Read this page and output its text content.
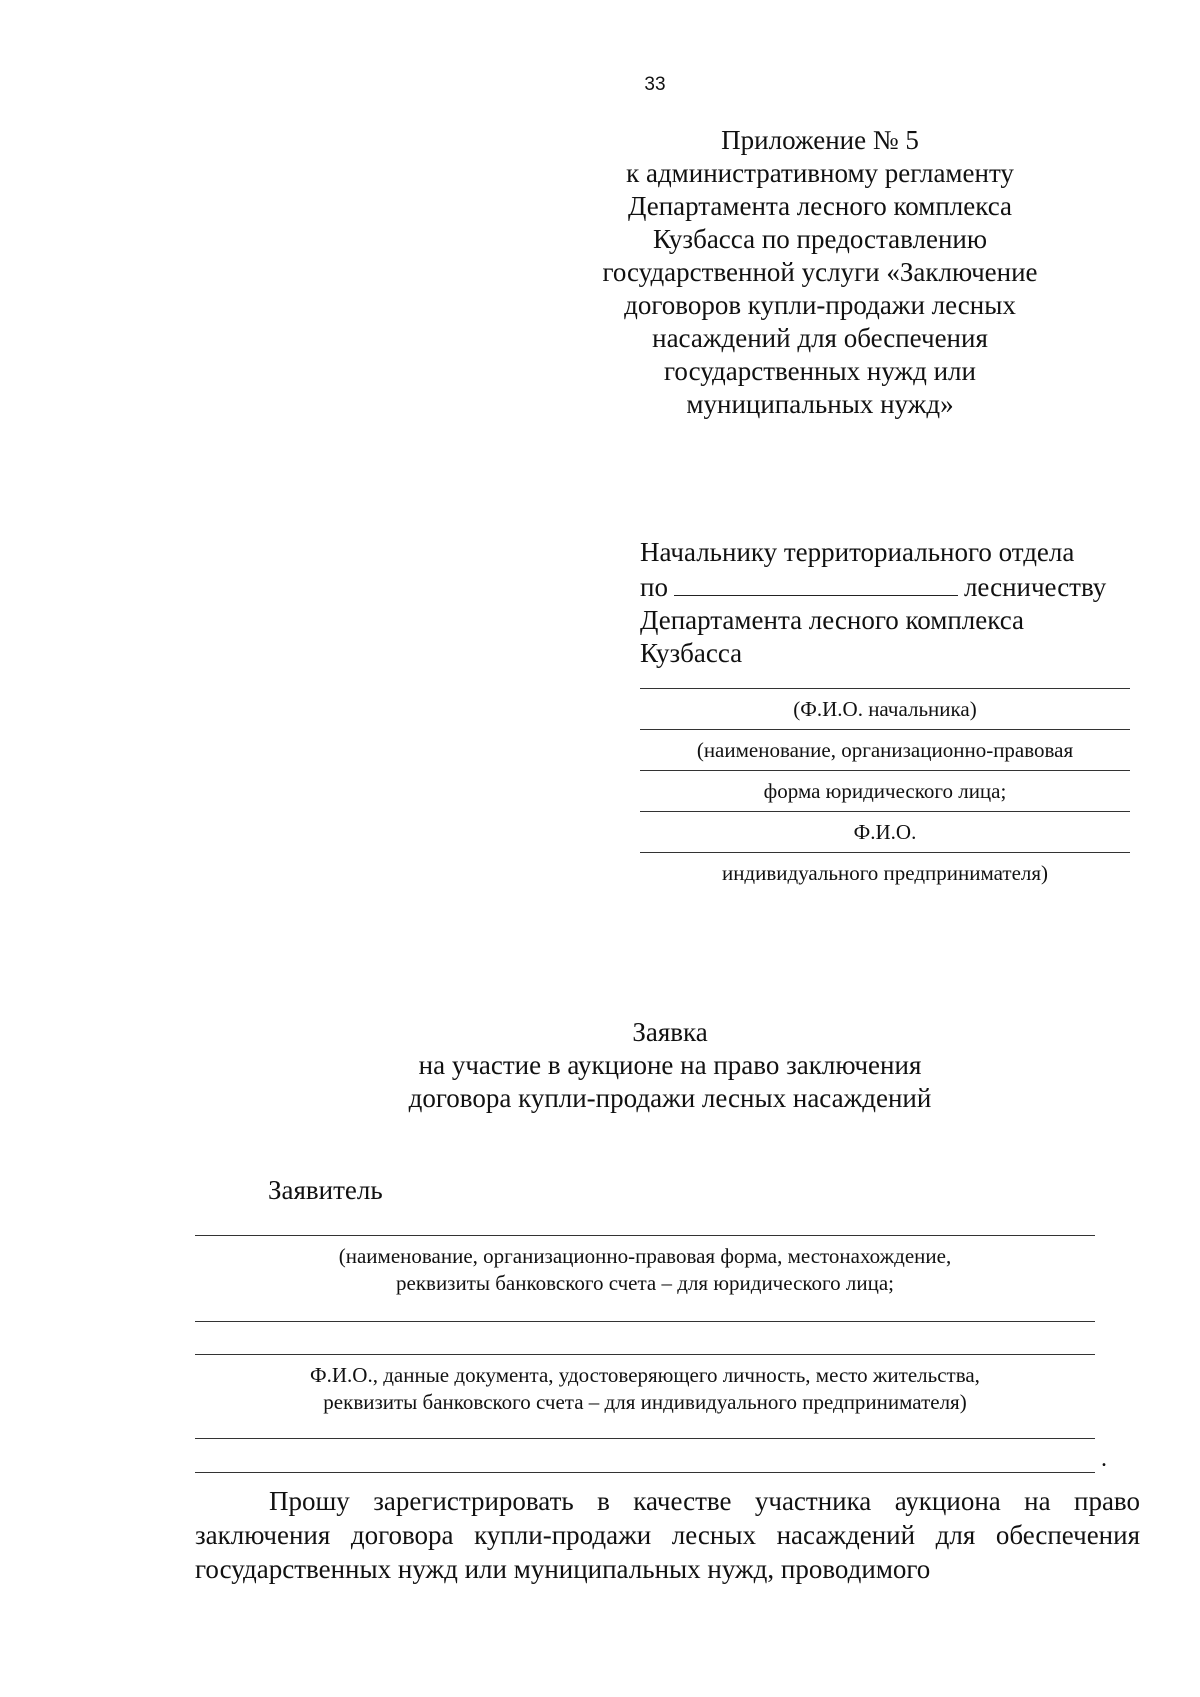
33
Приложение № 5
к административному регламенту
Департамента лесного комплекса
Кузбасса по предоставлению
государственной услуги «Заключение
договоров купли-продажи лесных
насаждений для обеспечения
государственных нужд или
муниципальных нужд»
Начальнику территориального отдела
по	лесничеству
Департамента лесного комплекса
Кузбасса
(Ф.И.О. начальника)
(наименование, организационно-правовая
форма юридического лица;
Ф.И.О.
индивидуального предпринимателя)
Заявка
на участие в аукционе на право заключения
договора купли-продажи лесных насаждений
Заявитель
(наименование, организационно-правовая форма, местонахождение,
реквизиты банковского счета – для юридического лица;
Ф.И.О., данные документа, удостоверяющего личность, место жительства,
реквизиты банковского счета – для индивидуального предпринимателя)
.

Прошу зарегистрировать в качестве участника аукциона на право заключения договора купли-продажи лесных насаждений для обеспечения государственных нужд или муниципальных нужд, проводимого
